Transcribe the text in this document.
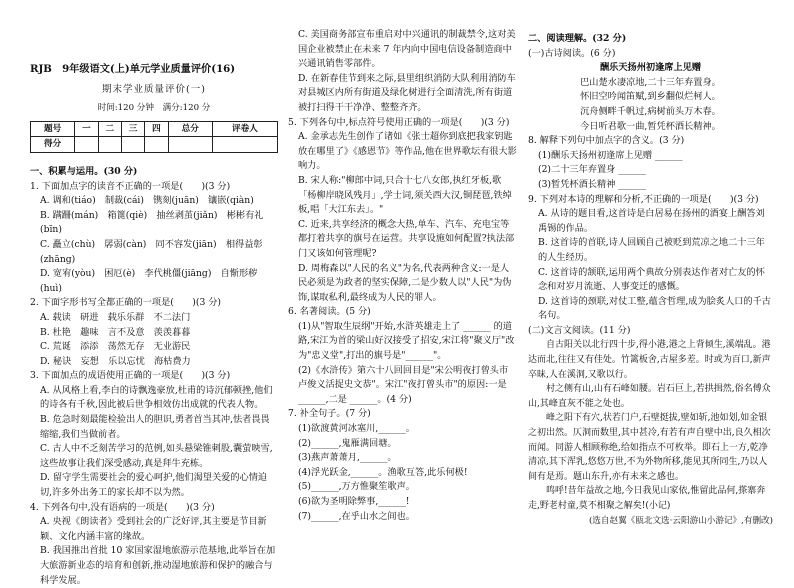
RJB　9年级语文(上)单元学业质量评价(16)
期末学业质量评价(一)
时间:120 分钟　满分:120 分
题号	一	二	三	四	总分	评卷人
得分						

一、积累与运用。(30 分)

1. 下面加点字的读音不正确的一项是(　　)(3 分)

A. 调和(tiáo)　制裁(cái)　镌刻(juān)　镶嵌(qiàn)

B. 蹒跚(mán)　箱篦(qiè)　抽丝剥茧(jiǎn)　彬彬有礼(bīn)

C. 矗立(chù)　孱弱(càn)　同不容发(jiān)　相得益彰(zhāng)

D. 宽宥(yòu)　困厄(è)　李代桃僵(jiāng)　自惭形秽(huì)

2. 下面字形书写全都正确的一项是(　　)(3 分)

A. 载读　研进　载乐乐群　不二法门

B. 杜艳　趣味　言不及意　羡羡暮暮

C. 荒诞　添添　荡然无存　无业游民

D. 秘诀　妄想　乐以忘忧　海枯费力

3. 下面加点的成语使用正确的一项是(　　)(3 分)

A. 从风格上看,李白的诗飘逸豪放,杜甫的诗沉郁顿挫,他们的诗各有千秋,因此被后世争相效仿出成就的代表人物。

B. 危急时刻最能检验出人的胆识,勇者首当其冲,怯者畏畏缩缩,我们当做前者。

C. 古人中不乏刻苦学习的范例,如头悬梁锥刺股,囊萤映雪,这些故事让我们深受感动,真是拜牛充栋。

D. 留守学生需要社会的爱心呵护,他们渴望关爱的心情迫切,许多外出务工的家长却不以为然。

4. 下列各句中,没有语病的一项是(　　)(3 分)

A. 央视《朗读者》受到社会的广泛好评,其主要是节目新颖、文化内涵丰富的缘故。

B. 我国推出首批 10 家国家湿地旅游示范基地,此举旨在加大旅游新业态的培育和创新,推动湿地旅游和保护的融合与科学发展。

C. 美国商务部宣布重启对中兴通讯的制裁禁令,这对美国企业被禁止在未来 7 年内向中国电信设备制造商中兴通讯销售零部件。

D. 在新春佳节到来之际,县里组织消防大队利用消防车对县城区内所有街道及绿化树进行全面清洗,所有街道被打扫得干干净净、整整齐齐。

5. 下列各句中,标点符号使用正确的一项是(　　)(3 分)

A. 金承志先生创作了诸如《张士超你到底把我家钥匙放在哪里了》《感恩节》等作品,他在世界歌坛有很大影响力。

B. 宋人称:"柳郎中词,只合十七八女郎,执红牙板,歌「杨柳岸晓风残月」,学士词,须关西大汉,铜琵琶,铁绰板,唱「大江东去」。"

C. 近来,共享经济的概念大热,单车、汽车、充电宝等都打着共享的旗号在运营。共享设施如何配置?执法部门又该如何管理呢?

D. 周梅森以"人民的名义"为名,代表两种含义:一是人民必须是为政者的坚实保障,二是少数人以"人民"为伪饰,谋取私利,最终成为人民的罪人。

6. 名著阅读。(5 分)

(1)从"智取生辰纲"开始,水浒英雄走上了 ______ 的道路,宋江为首的梁山好汉接受了招安,宋江将"聚义厅"改为"忠义堂",打出的旗号是"______"。

(2)《水浒传》第六十八回回目是"宋公明夜打曾头市　卢俊义活捉史文恭"。宋江"夜打曾头市"的原因:一是 ______,二是 ______。(4 分)

7. 补全句子。(7 分)

(1)欲渡黄河冰塞川,______。

(2)______,鬼雁满回塘。

(3)燕声萧萧月,______。

(4)浮光跃金,______。渔歌互答,此乐何极!

(5)______,万方惟聚笙歌声。

(6)欲为圣明除弊事,______!

(7)______,在乎山水之间也。

二、阅读理解。(32 分)

(一)古诗阅读。(6 分)

酬乐天扬州初逢席上见赠

巴山楚水凄凉地,二十三年弃置身。

怀旧空吟闻笛赋,到乡翻似烂柯人。

沉舟侧畔千帆过,病树前头万木春。

今日听君歌一曲,暂凭杯酒长精神。

8. 解释下列句中加点字的含义。(3 分)

(1)酬乐天扬州初逢席上见赠 ______

(2)二十三年弃置身 ______

(3)暂凭杯酒长精神 ______

9. 下列对本诗的理解和分析,不正确的一项是(　　)(3 分)

A. 从诗的题目看,这首诗是白居易在扬州的酒宴上酬答刘禹锡的作品。

B. 这首诗的首联,诗人回顾自己被贬到荒凉之地二十三年的人生经历。

C. 这首诗的颔联,运用两个典故分别表达作者对亡友的怀念和对岁月流逝、人事变迁的感慨。

D. 这首诗的颈联,对仗工整,蕴含哲理,成为脍炙人口的千古名句。

(二)文言文阅读。(11 分)

自古阳关以北行四十步,得小港,港之上背倾生,溪端乱。港达而北,往往又有佳处。竹篱板舍,古屋多差。时或为百口,新声卒昧,人在溪洞,又歌以行。

村之侧有山,山有石峰如腰。岩石巨上,若拱揖然,俗名傅众山,其峰直灰不能之处也。

峰之阳下有穴,状若门户,石壁挺拔,壁如斩,池如划,如金银之初出然。仄洞而数里,其中甚冷,有若有声自壁中出,良久相次而闻。同游人相顾称绝,给如指点不可枚举。即石上一方,乾净清凉,其下浑乳,悠悠万世,不为外物所移,能见其所同生,乃以人间有是焉。题山东升,亦有未来之感也。

鸣呼!昔年益故之地,今日我见山家依,惟留此品何,搽寨奔走,野老村童,莫不相聚之解矣!(小记)

(选自赵翼《瓯北文选·云阳游山小游记》,有删改)
